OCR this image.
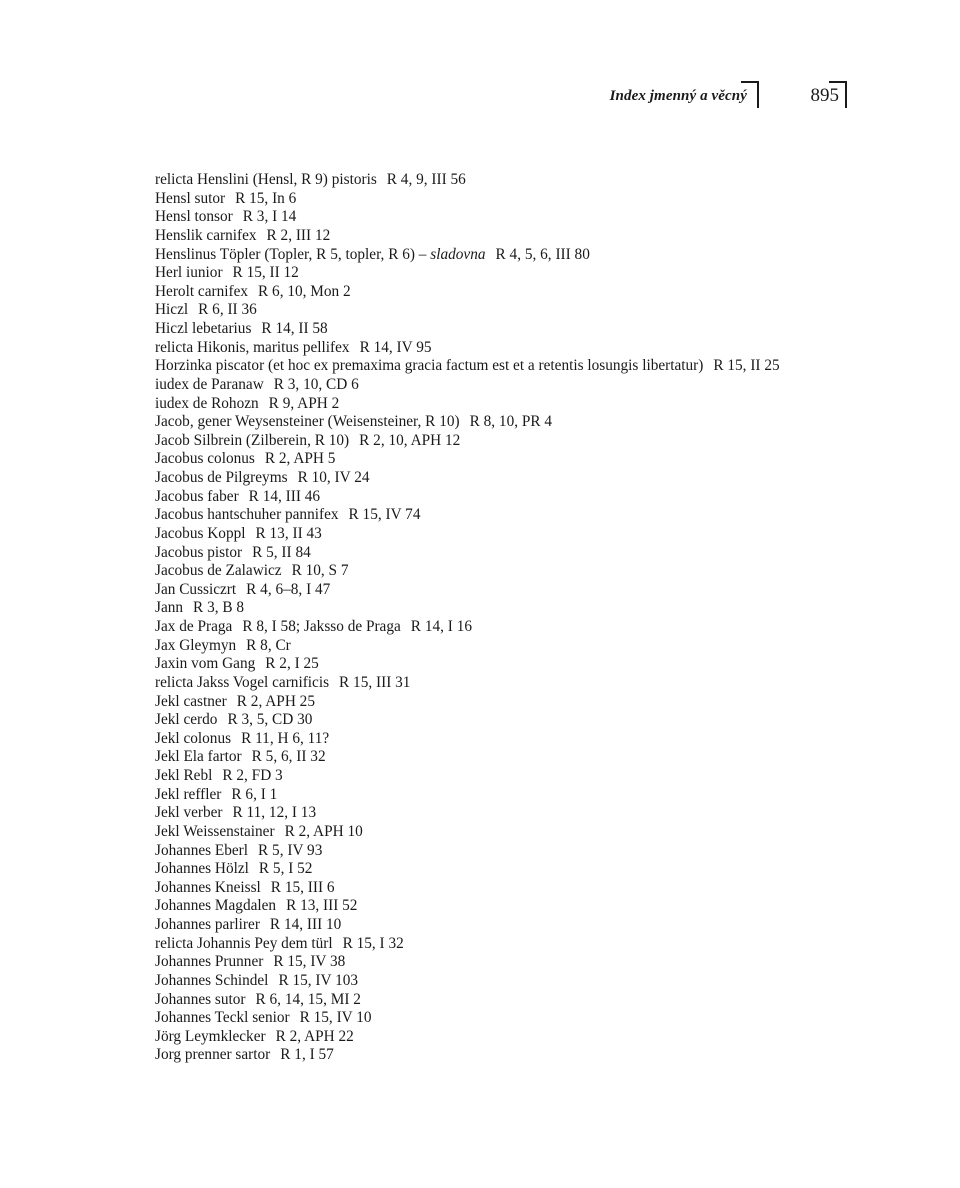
Index jmenný a věcný	895
relicta Henslini (Hensl, R 9) pistoris R 4, 9, III 56
Hensl sutor R 15, In 6
Hensl tonsor R 3, I 14
Henslik carnifex R 2, III 12
Henslinus Tӧpler (Topler, R 5, topler, R 6) – sladovna R 4, 5, 6, III 80
Herl iunior R 15, II 12
Herolt carnifex R 6, 10, Mon 2
Hiczl R 6, II 36
Hiczl lebetarius R 14, II 58
relicta Hikonis, maritus pellifex R 14, IV 95
Horzinka piscator (et hoc ex premaxima gracia factum est et a retentis losungis libertatur) R 15, II 25
iudex de Paranaw R 3, 10, CD 6
iudex de Rohozn R 9, APH 2
Jacob, gener Weysensteiner (Weisensteiner, R 10) R 8, 10, PR 4
Jacob Silbrein (Zilberein, R 10) R 2, 10, APH 12
Jacobus colonus R 2, APH 5
Jacobus de Pilgreyms R 10, IV 24
Jacobus faber R 14, III 46
Jacobus hantschuher pannifex R 15, IV 74
Jacobus Koppl R 13, II 43
Jacobus pistor R 5, II 84
Jacobus de Zalawicz R 10, S 7
Jan Cussiczrt R 4, 6–8, I 47
Jann R 3, B 8
Jax de Praga R 8, I 58; Jaksso de Praga R 14, I 16
Jax Gleymyn R 8, Cr
Jaxin vom Gang R 2, I 25
relicta Jakss Vogel carnificis R 15, III 31
Jekl castner R 2, APH 25
Jekl cerdo R 3, 5, CD 30
Jekl colonus R 11, H 6, 11?
Jekl Ela fartor R 5, 6, II 32
Jekl Rebl R 2, FD 3
Jekl reffler R 6, I 1
Jekl verber R 11, 12, I 13
Jekl Weissenstainer R 2, APH 10
Johannes Eberl R 5, IV 93
Johannes Hӧlzl R 5, I 52
Johannes Kneissl R 15, III 6
Johannes Magdalen R 13, III 52
Johannes parlirer R 14, III 10
relicta Johannis Pey dem türl R 15, I 32
Johannes Prunner R 15, IV 38
Johannes Schindel R 15, IV 103
Johannes sutor R 6, 14, 15, MI 2
Johannes Teckl senior R 15, IV 10
Jörg Leymklecker R 2, APH 22
Jorg prenner sartor R 1, I 57
